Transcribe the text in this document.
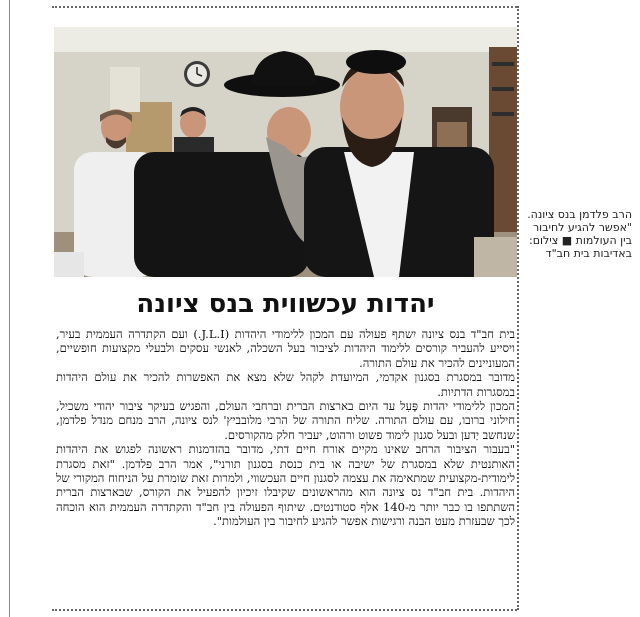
הרב פלדמן בנס ציונה. "אפשר להגיע לחיבור בין העולמות ■ צילום: באדיבות בית חב"ד
יהדות עכשווית בנס ציונה

בית חב"ד בנס ציונה יִשתף פעולה עם המכון ללימודי היהדות (J.L.I.) ועם הקתדרה העממית בעיר, ויסייע להעביר קורסים ללימוד היהדות לציבור בעל השכלה, לאנשי עסקים ולבעלי מקצועות חופשיים, המעוניינים להכיר את עולם התורה.

מדובר במסגרת בסגנון אקדמי, המיועדת לקהל שלא מצא את האפשרות להכיר את עולם היהדות במסגרות הדתיות.

המכון ללימודי יהדות פָּעִל עד היום בארצות הברית וברחבי העולם, והפגיש בעיקר ציבור יהודי משכיל, חילוני ברובו, עם עולם התורה. שליח התורה של הרבי מלובביץ' לנס ציונה, הרב מנחם מנדל פלדמן, שנחשב יַדען ובעל סגנון לימוד פשוט ורהוט, יעביר חלק מהקורסים.

"בעבור הציבור הרחב שאינו מקיים אורח חיים דתי, מדובר בהזדמנות ראשונה לפגוש את היהדות האותנטית שלא במסגרת של ישיבה או בית כנסת בסגנון תורני", אמר הרב פלדמן. "זאת מסגרת לימודית-מקצועית שמתאימה את עצמה לסגנון חיים העכשווי, ולמרות זאת שומרת על הניחוח המקורי של היהדות. בית חב"ד נס ציונה הוא מהראשונים שקיבלו זיכיון להפעיל את הקורס, שבארצות הברית השתתפו בו כבר יותר מ-140 אלף סטודנטים. שיתוף הפעולה בין חב"ד והקתדרה העממית הוא הוכחה לכך שבעזרת מעט הבנה ורגישות אפשר להגיע לחיבור בין העולמות".
